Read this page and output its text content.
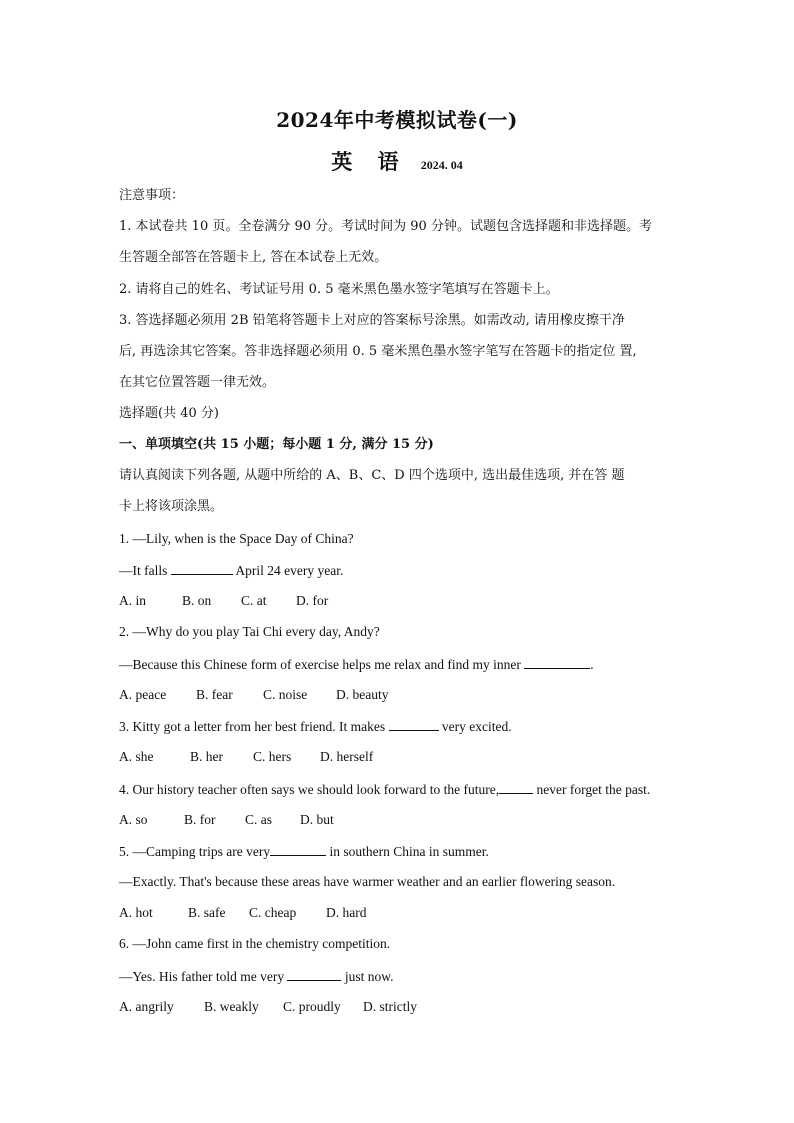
2024年中考模拟试卷(一)
英 语 2024. 04
注意事项：
1. 本试卷共 10 页。全卷满分 90 分。考试时间为 90 分钟。试题包含选择题和非选择题。考
生答题全部答在答题卡上, 答在本试卷上无效。
2. 请将自己的姓名、考试证号用 0. 5 毫米黑色墨水签字笔填写在答题卡上。
3. 答选择题必须用 2B 铅笔将答题卡上对应的答案标号涂黑。如需改动, 请用橡皮擦干净
后, 再选涂其它答案。答非选择题必须用 0. 5 毫米黑色墨水签字笔写在答题卡的指定位 置,
在其它位置答题一律无效。
选择题(共 40 分)
一、单项填空(共 15 小题；每小题 1 分, 满分 15 分)
请认真阅读下列各题, 从题中所给的 A、B、C、D 四个选项中, 选出最佳选项, 并在答 题
卡上将该项涂黑。
1. —Lily, when is the Space Day of China?
—It falls	April 24 every year.
A. in	B. on C. at D. for
2. —Why do you play Tai Chi every day, Andy?
—Because this Chinese form of exercise helps me relax and find my inner	.
A. peace B. fear C. noise D. beauty
3. Kitty got a letter from her best friend. It makes	very excited.
A. she	B. her C. hers D. herself
4. Our history teacher often says we should look forward to the future,	never forget the past.
A. so	B. for C. as D. but
5. —Camping trips are very	in southern China in summer.
—Exactly. That's because these areas have warmer weather and an earlier flowering season.
A. hot	B. safe C. cheap D. hard
6. —John came first in the chemistry competition.
—Yes. His father told me very	just now.
A. angrily B. weakly C. proudly D. strictly
